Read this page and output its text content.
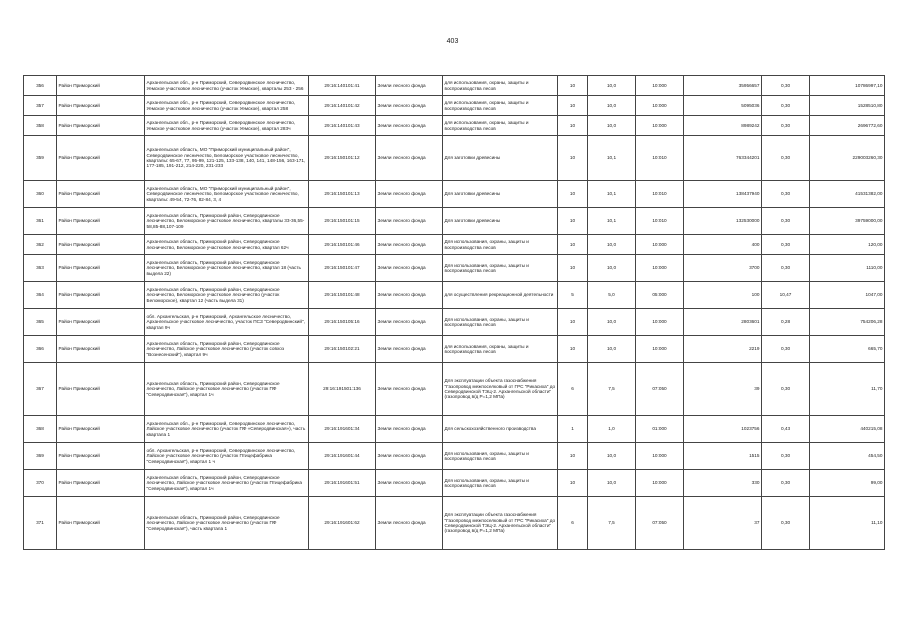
403
356	Район Приморский	Архангельская обл., р-н Приморский, Северодвинское лесничество, Уемское участковое лесничество (участок Уемское), кварталы 253 - 256	29:16:140101:41	Земли лесного фонда	для использования, охраны, защиты и воспроизводства лесов	10	10,0	10:000	35956657	0,30	10786997,10
357	Район Приморский	Архангельская обл., р-н Приморский, Северодвинское лесничество, Уемское участковое лесничество (участок Уемское), квартал 258	29:16:140101:42	Земли лесного фонда	для использования, охраны, защиты и воспроизводства лесов	10	10,0	10:000	5095036	0,30	1528510,80
358	Район Приморский	Архангельская обл., р-н Приморский, Северодвинское лесничество, Уемское участковое лесничество (участок Уемское), квартал 283ч	29:16:140101:43	Земли лесного фонда	для использования, охраны, защиты и воспроизводства лесов	10	10,0	10:000	8989242	0,30	2696772,60
359	Район Приморский	Архангельская область, МО "Приморский муниципальный район", Северодвинское лесничество, Беломорское участковое лесничество, кварталы: 65-67, 77, 95-99, 121-125, 133-138, 140, 141, 148-156, 163-171, 177-185, 191-212, 214-220, 231-233	29:16:150101:12	Земли лесного фонда	Для заготовки древесины	10	10,1	10:010	763344201	0,30	229003260,30
360	Район Приморский	Архангельская область, МО "Приморский муниципальный район", Северодвинское лесничество, Беломорское участковое лесничество, кварталы: 49-54, 72-76, 82-84, 3, 4	29:16:150101:13	Земли лесного фонда	Для заготовки древесины	10	10,1	10:010	138437940	0,30	41531382,00
361	Район Приморский	Архангельская область, Приморский район, Северодвинское лесничество, Беломорское участковое лесничество, кварталы 33-36,55-58,85-88,107-109	29:16:150101:15	Земли лесного фонда	Для заготовки древесины	10	10,1	10:010	132530000	0,30	39759000,00
362	Район Приморский	Архангельская область, Приморский район, Северодвинское лесничество, Беломорское участковое лесничество, квартал 62ч	29:16:150101:46	Земли лесного фонда	Для использования, охраны, защиты и воспроизводства лесов	10	10,0	10:000	400	0,30	120,00
363	Район Приморский	Архангельская область, Приморский район, Северодвинское лесничество, Беломорское участковое лесничество, квартал 18 (часть выдела 22)	29:16:150101:47	Земли лесного фонда	Для использования, охраны, защиты и воспроизводства лесов	10	10,0	10:000	3700	0,30	1110,00
364	Район Приморский	Архангельская область, Приморский район, Северодвинское лесничество, Беломорское участковое лесничество (участок Беломорское), квартал 12 (часть выдела 31)	29:16:150101:48	Земли лесного фонда	для осуществления рекреационной деятельности	5	5,0	05:000	100	10,47	1047,00
365	Район Приморский	обл. Архангельская, р-н Приморский, Архангельское лесничество, Архангельское участковое лесничество, участок ПСЗ "Северодвинский", квартал 9ч	29:16:150105:16	Земли лесного фонда	Для использования, охраны, защиты и воспроизводства лесов	10	10,0	10:000	2803601	0,28	754206,28
366	Район Приморский	Архангельская область, Приморский район, Северодвинское лесничество, Лайское участковое лесничество (участок совхоз "Вознесенский"), квартал 9ч	29:16:150102:21	Земли лесного фонда	для использования, охраны, защиты и воспроизводства лесов	10	10,0	10:000	2219	0,30	665,70
367	Район Приморский	Архангельская область, Приморский район, Северодвинское лесничество, Лайское участковое лесничество (участок ПФ "Северодвинская"), квартал 1ч	29:16:191501:136	Земли лесного фонда	Для эксплуатации объекта газоснабжения "Газопровод межпоселковый от ГРС "Рикасиха" до Северодвинской ТЭЦ-2. Архангельской области" (газопровод в/д Р=1,2 МПа)	6	7,5	07:050	39	0,30	11,70
368	Район Приморский	Архангельская обл., р-н Приморский, Северодвинское лесничество, Лайское участковое лесничество (участок ПФ «Северодвинская»), часть квартала 1	29:16:191601:34	Земли лесного фонда	Для сельскохозяйственного производства	1	1,0	01:000	1023756	0,43	440215,08
369	Район Приморский	обл. Архангельская, р-н Приморский, Северодвинское лесничество, Лайское участковое лесничество (участок Птицефабрика "Северодвинская"), квартал 1 ч	29:16:191601:44	Земли лесного фонда	Для использования, охраны, защиты и воспроизводства лесов	10	10,0	10:000	1515	0,30	454,50
370	Район Приморский	Архангельская область, Приморский район, Северодвинское лесничество, Лайское участковое лесничество (участок Птицефабрика "Северодвинская"), квартал 1ч	29:16:191601:51	Земли лесного фонда	Для использования, охраны, защиты и воспроизводства лесов	10	10,0	10:000	330	0,30	99,00
371	Район Приморский	Архангельская область, Приморский район, Северодвинское лесничество, Лайское участковое лесничество (участок ПФ "Северодвинская"), часть квартала 1	29:16:191601:62	Земли лесного фонда	Для эксплуатации объекта газоснабжения "Газопровод межпоселковый от ГРС "Рикасиха" до Северодвинской ТЭЦ-2. Архангельской области" (газопровод в/д Р=1,2 МПа)	6	7,5	07:050	37	0,30	11,10
